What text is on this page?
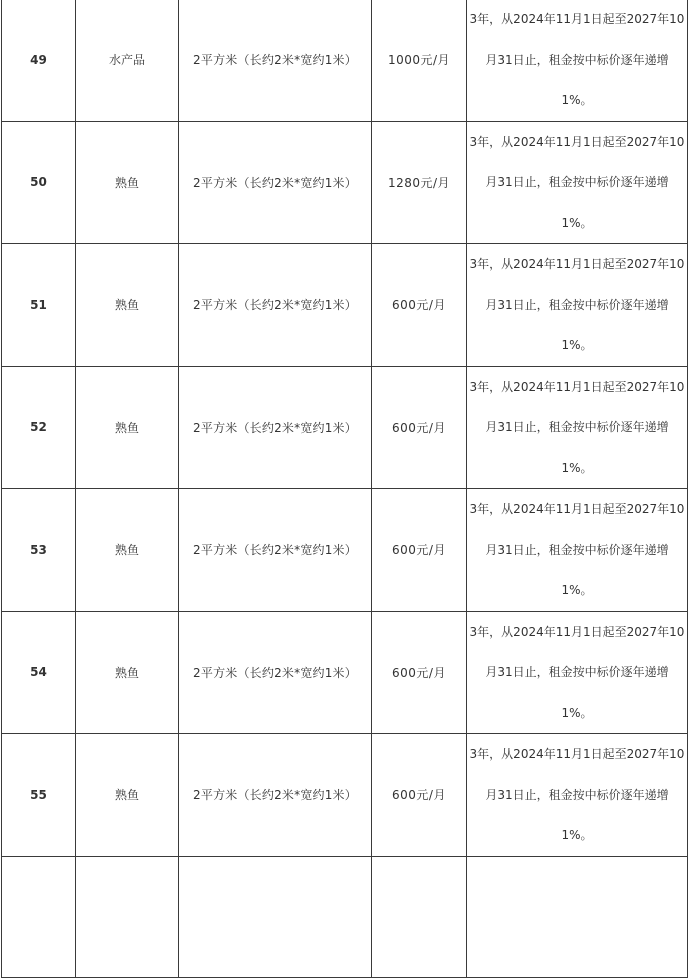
49	水产品	2平方米（长约2米*宽约1米）	1000元/月	3年，从2024年11月1日起至2027年10
月31日止，租金按中标价逐年递增
1%。

50	熟鱼	2平方米（长约2米*宽约1米）	1280元/月	3年，从2024年11月1日起至2027年10
月31日止，租金按中标价逐年递增
1%。

51	熟鱼	2平方米（长约2米*宽约1米）	600元/月	3年，从2024年11月1日起至2027年10
月31日止，租金按中标价逐年递增
1%。

52	熟鱼	2平方米（长约2米*宽约1米）	600元/月	3年，从2024年11月1日起至2027年10
月31日止，租金按中标价逐年递增
1%。

53	熟鱼	2平方米（长约2米*宽约1米）	600元/月	3年，从2024年11月1日起至2027年10
月31日止，租金按中标价逐年递增
1%。

54	熟鱼	2平方米（长约2米*宽约1米）	600元/月	3年，从2024年11月1日起至2027年10
月31日止，租金按中标价逐年递增
1%。

55	熟鱼	2平方米（长约2米*宽约1米）	600元/月	3年，从2024年11月1日起至2027年10
月31日止，租金按中标价逐年递增
1%。
